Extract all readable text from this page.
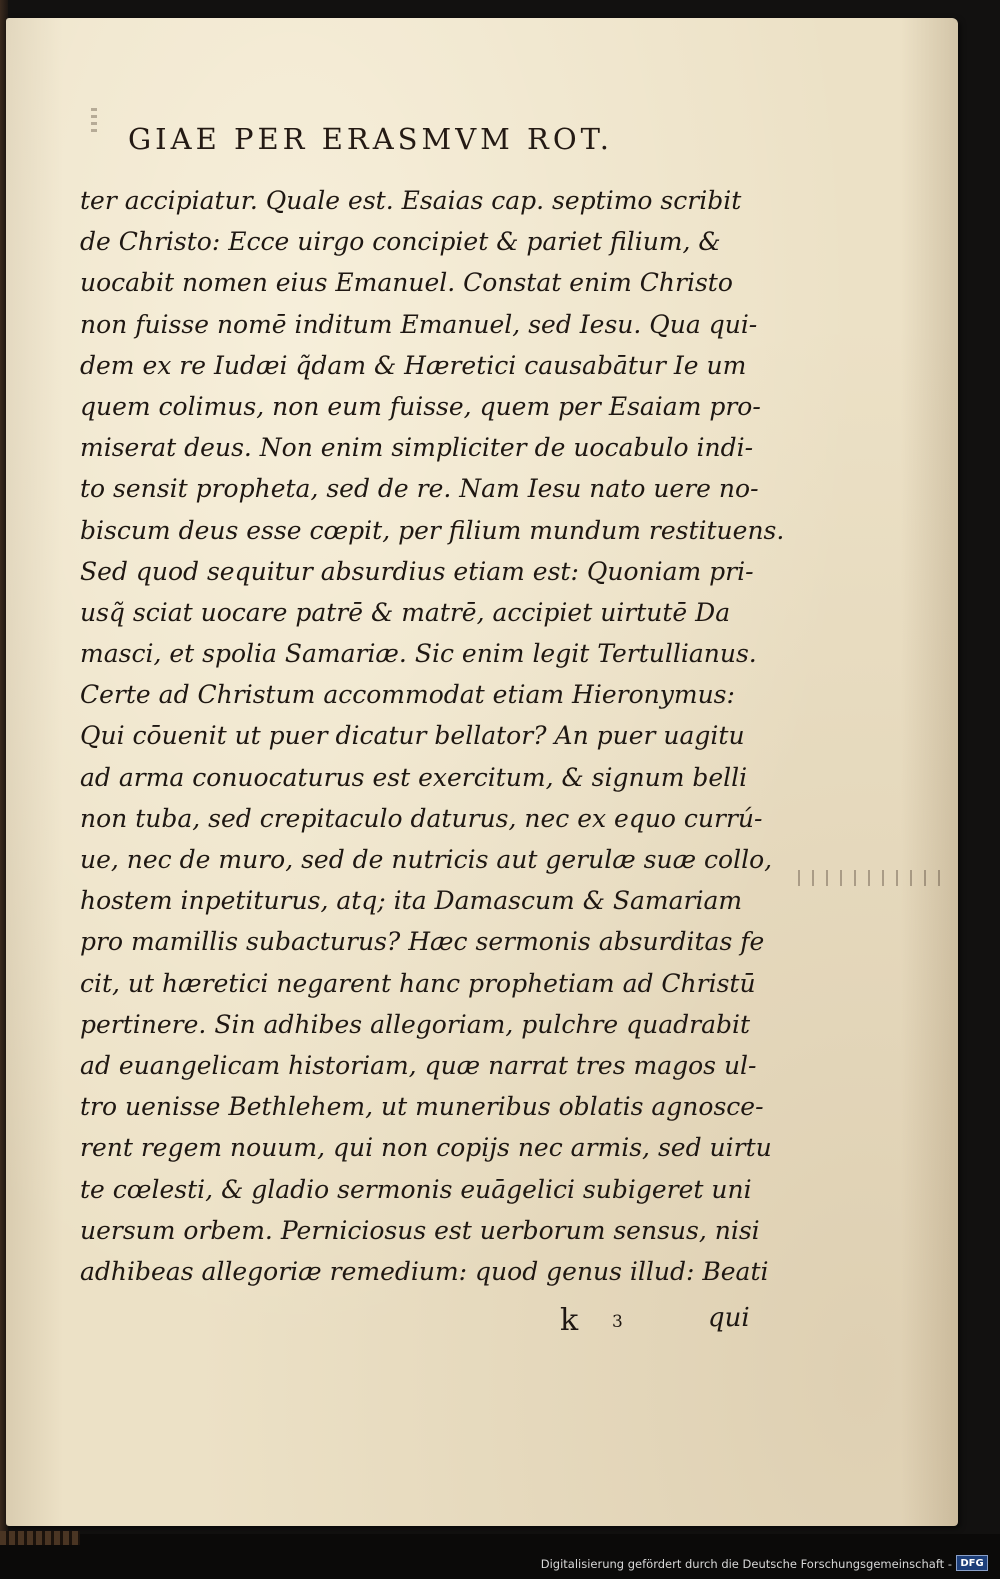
GIAE PER ERASMVM ROT.
ter accipiatur. Quale est. Esaias cap. septimo scribit
de Christo: Ecce uirgo concipiet & pariet filium, &
uocabit nomen eius Emanuel. Constat enim Christo
non fuisse nomē inditum Emanuel, sed Iesu. Qua qui-
dem ex re Iudæi q̃dam & Hæretici causabātur Ie um
quem colimus, non eum fuisse, quem per Esaiam pro-
miserat deus. Non enim simpliciter de uocabulo indi-
to sensit propheta, sed de re. Nam Iesu nato uere no-
biscum deus esse cœpit, per filium mundum restituens.
Sed quod sequitur absurdius etiam est: Quoniam pri-
usq̃ sciat uocare patrē & matrē, accipiet uirtutē Da
masci, et spolia Samariæ. Sic enim legit Tertullianus.
Certe ad Christum accommodat etiam Hieronymus:
Qui cōuenit ut puer dicatur bellator? An puer uagitu
ad arma conuocaturus est exercitum, & signum belli
non tuba, sed crepitaculo daturus, nec ex equo currú-
ue, nec de muro, sed de nutricis aut gerulæ suæ collo,
hostem inpetiturus, atq; ita Damascum & Samariam
pro mamillis subacturus? Hæc sermonis absurditas fe
cit, ut hæretici negarent hanc prophetiam ad Christū
pertinere. Sin adhibes allegoriam, pulchre quadrabit
ad euangelicam historiam, quæ narrat tres magos ul-
tro uenisse Bethlehem, ut muneribus oblatis agnosce-
rent regem nouum, qui non copijs nec armis, sed uirtu
te cœlesti, & gladio sermonis euāgelici subigeret uni
uersum orbem. Perniciosus est uerborum sensus, nisi
adhibeas allegoriæ remedium: quod genus illud: Beati
k 3	qui
Digitalisierung gefördert durch die Deutsche Forschungsgemeinschaft - DFG
